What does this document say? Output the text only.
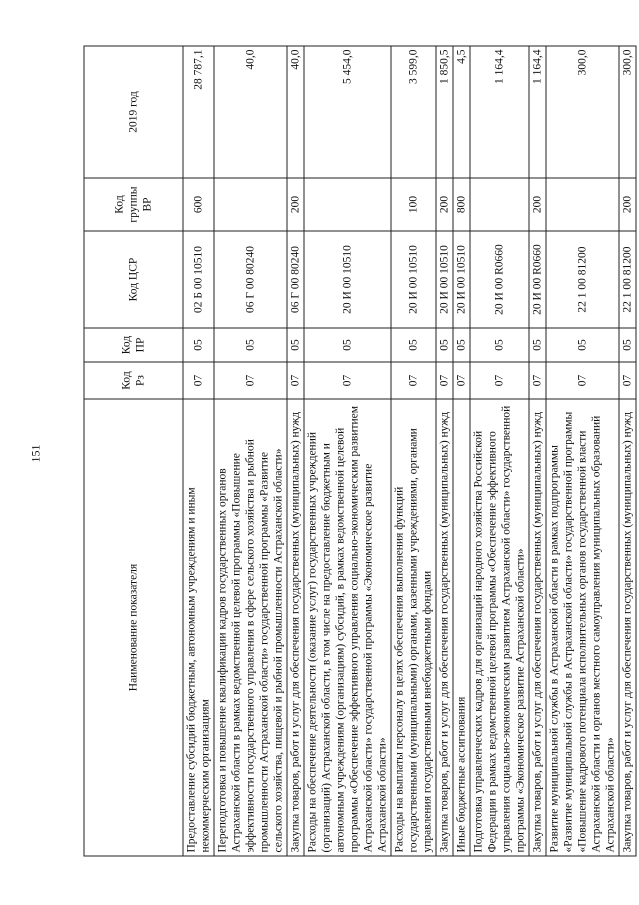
151
Наименование показателя	Код Рз	Код ПР	Код ЦСР	Код группы ВР	2019 год
Предоставление субсидий бюджетным, автономным учреждениям и иным некоммерческим организациям	07	05	02 Б 00 10510	600	28 787,1
Переподготовка и повышение квалификации кадров государственных органов Астраханской области в рамках ведомственной целевой программы «Повышение эффективности государственного управления в сфере сельского хозяйства и рыбной промышленности Астраханской области» государственной программы «Развитие сельского хозяйства, пищевой и рыбной промышленности Астраханской области»	07	05	06 Г 00 80240		40,0
Закупка товаров, работ и услуг для обеспечения государственных (муниципальных) нужд	07	05	06 Г 00 80240	200	40,0
Расходы на обеспечение деятельности (оказание услуг) государственных учреждений (организаций) Астраханской области, в том числе на предоставление бюджетным и автономным учреждениям (организациям) субсидий, в рамках ведомственной целевой программы «Обеспечение эффективного управления социально-экономическим развитием Астраханской области» государственной программы «Экономическое развитие Астраханской области»	07	05	20 И 00 10510		5 454,0
Расходы на выплаты персоналу в целях обеспечения выполнения функций государственными (муниципальными) органами, казенными учреждениями, органами управления государственными внебюджетными фондами	07	05	20 И 00 10510	100	3 599,0
Закупка товаров, работ и услуг для обеспечения государственных (муниципальных) нужд	07	05	20 И 00 10510	200	1 850,5
Иные бюджетные ассигнования	07	05	20 И 00 10510	800	4,5
Подготовка управленческих кадров для организаций народного хозяйства Российской Федерации в рамках ведомственной целевой программы «Обеспечение эффективного управления социально-экономическим развитием Астраханской области» государственной программы «Экономическое развитие Астраханской области»	07	05	20 И 00 R0660		1 164,4
Закупка товаров, работ и услуг для обеспечения государственных (муниципальных) нужд	07	05	20 И 00 R0660	200	1 164,4
Развитие муниципальной службы в Астраханской области в рамках подпрограммы «Развитие муниципальной службы в Астраханской области» государственной программы «Повышение кадрового потенциала исполнительных органов государственной власти Астраханской области и органов местного самоуправления муниципальных образований Астраханской области»	07	05	22 1 00 81200		300,0
Закупка товаров, работ и услуг для обеспечения государственных (муниципальных) нужд	07	05	22 1 00 81200	200	300,0
